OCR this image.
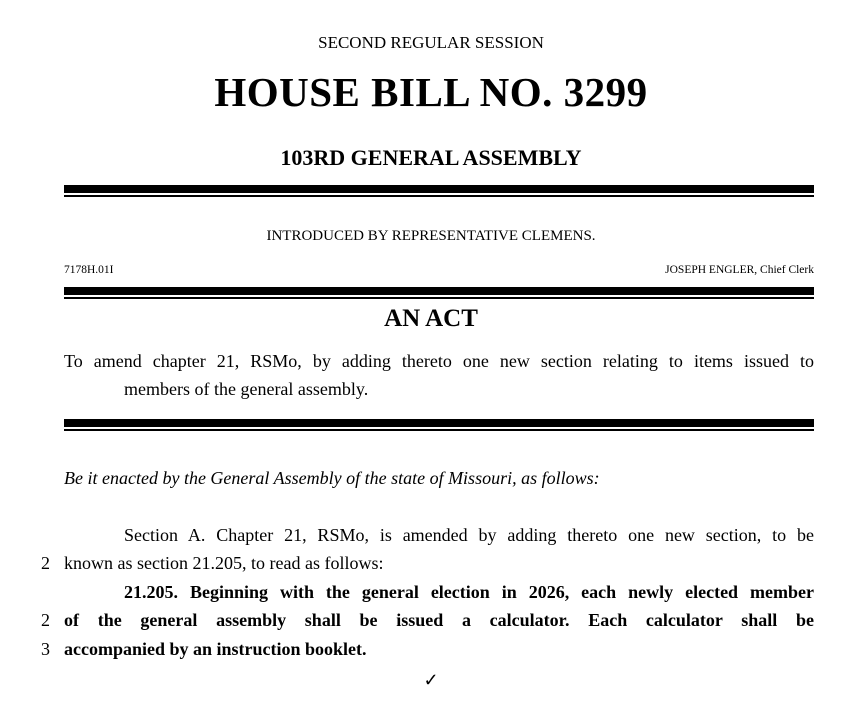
SECOND REGULAR SESSION
HOUSE BILL NO. 3299
103RD GENERAL ASSEMBLY
INTRODUCED BY REPRESENTATIVE CLEMENS.
7178H.01I	JOSEPH ENGLER, Chief Clerk
AN ACT
To amend chapter 21, RSMo, by adding thereto one new section relating to items issued to
members of the general assembly.
Be it enacted by the General Assembly of the state of Missouri, as follows:
Section A. Chapter 21, RSMo, is amended by adding thereto one new section, to be
2 known as section 21.205, to read as follows:
21.205. Beginning with the general election in 2026, each newly elected member
2 of the general assembly shall be issued a calculator. Each calculator shall be
3 accompanied by an instruction booklet.
✓
